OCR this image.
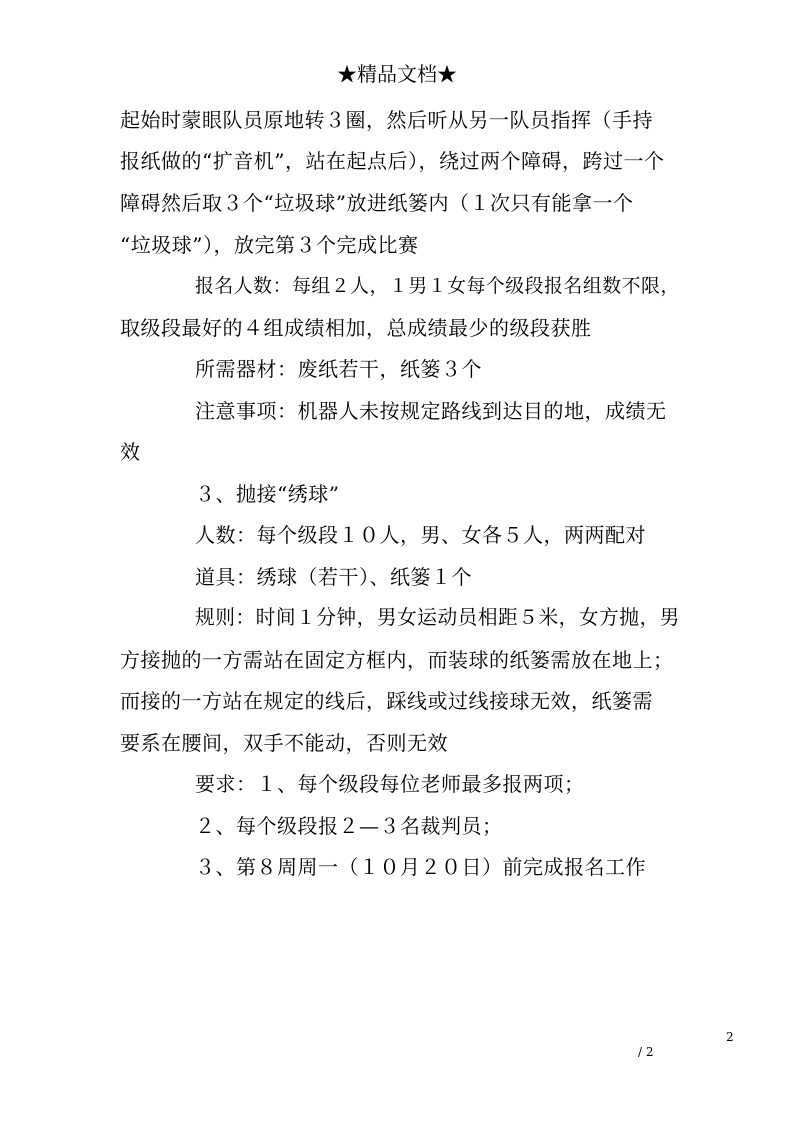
★精品文档★
起始时蒙眼队员原地转３圈，然后听从另一队员指挥（手持
报纸做的“扩音机”，站在起点后），绕过两个障碍，跨过一个
障碍然后取３个“垃圾球”放进纸篓内（１次只有能拿一个
“垃圾球”），放完第３个完成比赛
报名人数：每组２人，１男１女每个级段报名组数不限，
取级段最好的４组成绩相加，总成绩最少的级段获胜
所需器材：废纸若干，纸篓３个
注意事项：机器人未按规定路线到达目的地，成绩无
效
３、抛接“绣球”
人数：每个级段１０人，男、女各５人，两两配对
道具：绣球（若干）、纸篓１个
规则：时间１分钟，男女运动员相距５米，女方抛，男
方接抛的一方需站在固定方框内，而装球的纸篓需放在地上；
而接的一方站在规定的线后，踩线或过线接球无效，纸篓需
要系在腰间，双手不能动，否则无效
要求：１、每个级段每位老师最多报两项；
２、每个级段报２—３名裁判员；
３、第８周周一（１０月２０日）前完成报名工作
2
/ 2
